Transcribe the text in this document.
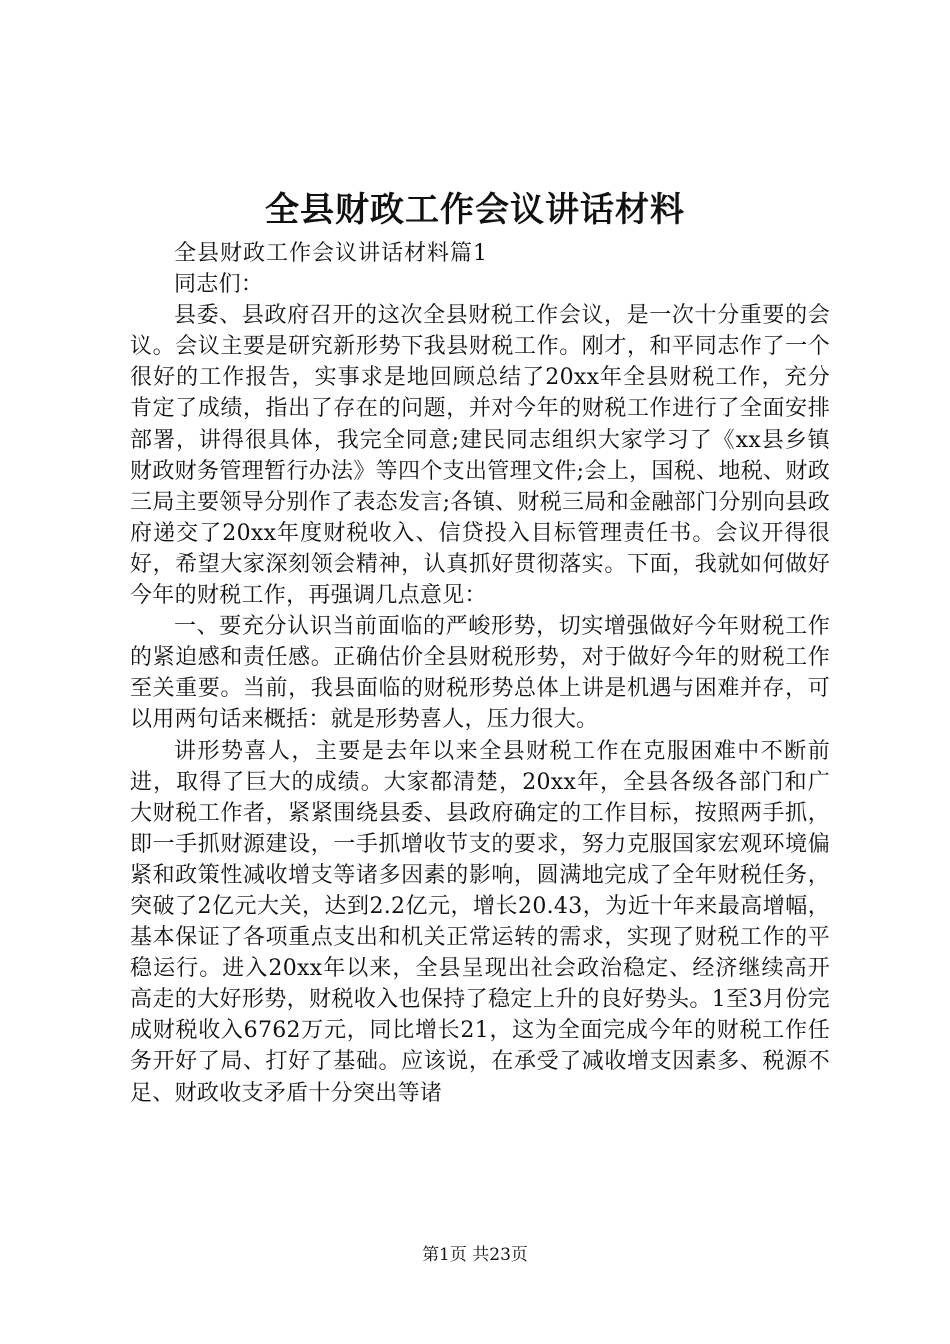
全县财政工作会议讲话材料

全县财政工作会议讲话材料篇1

同志们：

县委、县政府召开的这次全县财税工作会议，是一次十分重要的会议。会议主要是研究新形势下我县财税工作。刚才，和平同志作了一个很好的工作报告，实事求是地回顾总结了20xx年全县财税工作，充分肯定了成绩，指出了存在的问题，并对今年的财税工作进行了全面安排部署，讲得很具体，我完全同意;建民同志组织大家学习了《xx县乡镇财政财务管理暂行办法》等四个支出管理文件;会上，国税、地税、财政三局主要领导分别作了表态发言;各镇、财税三局和金融部门分别向县政府递交了20xx年度财税收入、信贷投入目标管理责任书。会议开得很好，希望大家深刻领会精神，认真抓好贯彻落实。下面，我就如何做好今年的财税工作，再强调几点意见：

一、要充分认识当前面临的严峻形势，切实增强做好今年财税工作的紧迫感和责任感。正确估价全县财税形势，对于做好今年的财税工作至关重要。当前，我县面临的财税形势总体上讲是机遇与困难并存，可以用两句话来概括：就是形势喜人，压力很大。

讲形势喜人，主要是去年以来全县财税工作在克服困难中不断前进，取得了巨大的成绩。大家都清楚，20xx年，全县各级各部门和广大财税工作者，紧紧围绕县委、县政府确定的工作目标，按照两手抓，即一手抓财源建设，一手抓增收节支的要求，努力克服国家宏观环境偏紧和政策性减收增支等诸多因素的影响，圆满地完成了全年财税任务，突破了2亿元大关，达到2.2亿元，增长20.43，为近十年来最高增幅，基本保证了各项重点支出和机关正常运转的需求，实现了财税工作的平稳运行。进入20xx年以来，全县呈现出社会政治稳定、经济继续高开高走的大好形势，财税收入也保持了稳定上升的良好势头。1至3月份完成财税收入6762万元，同比增长21，这为全面完成今年的财税工作任务开好了局、打好了基础。应该说，在承受了减收增支因素多、税源不足、财政收支矛盾十分突出等诸

第1页 共23页
